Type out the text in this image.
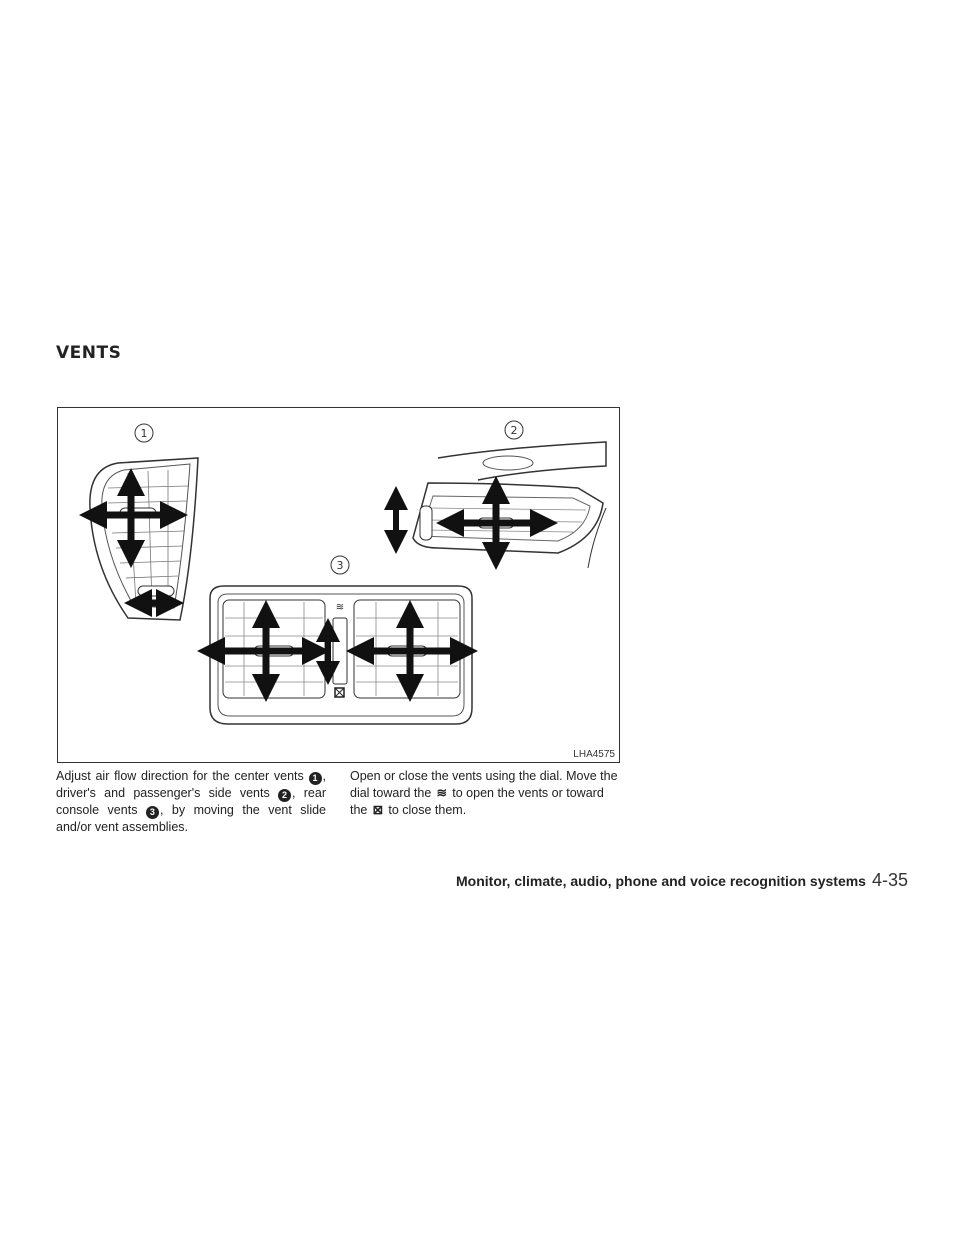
VENTS
1	2
≋
3
LHA4575
Adjust air flow direction for the center vents 1 , driver's and passenger's side vents 2 , rear console vents 3 , by moving the vent slide and/or vent assemblies.
Open or close the vents using the dial. Move the dial toward the ≋ to open the vents or toward the ⊠ to close them.
Monitor, climate, audio, phone and voice recognition systems 4-35
